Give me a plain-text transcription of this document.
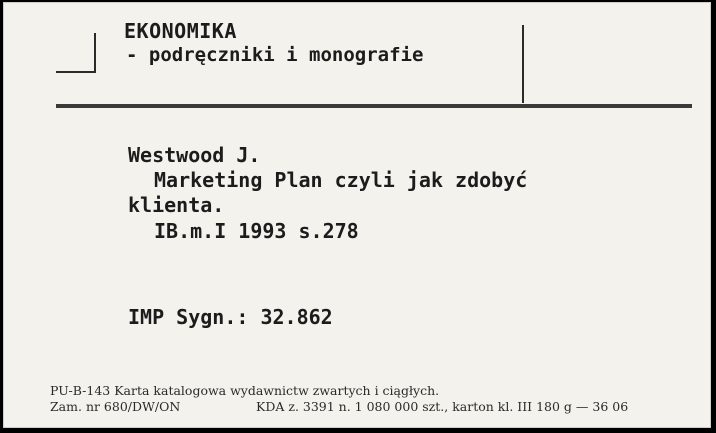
EKONOMIKA
- podręczniki i monografie
Westwood J.
Marketing Plan czyli jak zdobyć
klienta.
IB.m.I 1993 s.278
IMP Sygn.: 32.862
PU-B-143 Karta katalogowa wydawnictw zwartych i ciągłych.
Zam. nr 680/DW/ON	KDA z. 3391 n. 1 080 000 szt., karton kl. III 180 g — 36 06
